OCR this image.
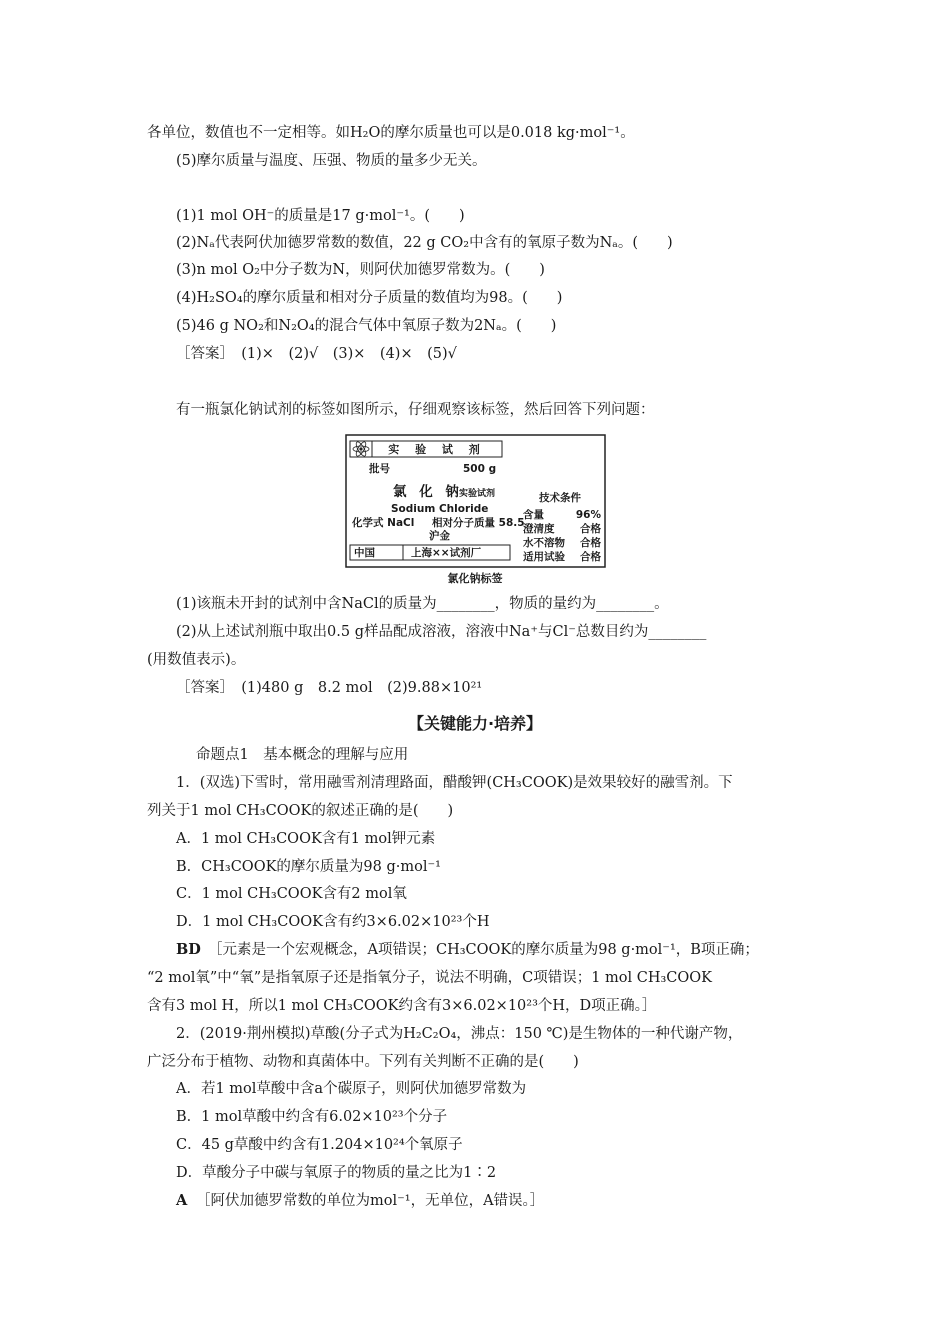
各单位，数值也不一定相等。如H₂O的摩尔质量也可以是0.018 kg·mol⁻¹。
(5)摩尔质量与温度、压强、物质的量多少无关。
(1)1 mol OH⁻的质量是17 g·mol⁻¹。(　　)
(2)Nₐ代表阿伏加德罗常数的数值，22 g CO₂中含有的氧原子数为Nₐ。(　　)
(3)n mol O₂中分子数为N，则阿伏加德罗常数为。(　　)
(4)H₂SO₄的摩尔质量和相对分子质量的数值均为98。(　　)
(5)46 g NO₂和N₂O₄的混合气体中氧原子数为2Nₐ。(　　)
［答案］　(1)×　(2)√　(3)×　(4)×　(5)√
有一瓶氯化钠试剂的标签如图所示，仔细观察该标签，然后回答下列问题：
实 验 试 剂
批号	500 g
氯 化 钠
实验试剂
Sodium Chloride
化学式 NaCl 相对分子质量 58.5
沪金
中国	上海××试剂厂
技术条件
含量	96%
澄清度 合格
水不溶物 合格
适用试验 合格
氯化钠标签
(1)该瓶未开封的试剂中含NaCl的质量为________，物质的量约为________。
(2)从上述试剂瓶中取出0.5 g样品配成溶液，溶液中Na⁺与Cl⁻总数目约为________
(用数值表示)。
［答案］　(1)480 g　8.2 mol　(2)9.88×10²¹
【关键能力·培养】
命题点1　基本概念的理解与应用
1．(双选)下雪时，常用融雪剂清理路面，醋酸钾(CH₃COOK)是效果较好的融雪剂。下
列关于1 mol CH₃COOK的叙述正确的是(　　)
A．1 mol CH₃COOK含有1 mol钾元素
B．CH₃COOK的摩尔质量为98 g·mol⁻¹
C．1 mol CH₃COOK含有2 mol氧
D．1 mol CH₃COOK含有约3×6.02×10²³个H
BD ［元素是一个宏观概念，A项错误；CH₃COOK的摩尔质量为98 g·mol⁻¹，B项正确；
“2 mol氧”中“氧”是指氧原子还是指氧分子，说法不明确，C项错误；1 mol CH₃COOK
含有3 mol H，所以1 mol CH₃COOK约含有3×6.02×10²³个H，D项正确。］
2．(2019·荆州模拟)草酸(分子式为H₂C₂O₄，沸点：150 ℃)是生物体的一种代谢产物，
广泛分布于植物、动物和真菌体中。下列有关判断不正确的是(　　)
A．若1 mol草酸中含a个碳原子，则阿伏加德罗常数为
B．1 mol草酸中约含有6.02×10²³个分子
C．45 g草酸中约含有1.204×10²⁴个氧原子
D．草酸分子中碳与氧原子的物质的量之比为1∶2
A ［阿伏加德罗常数的单位为mol⁻¹，无单位，A错误。］
